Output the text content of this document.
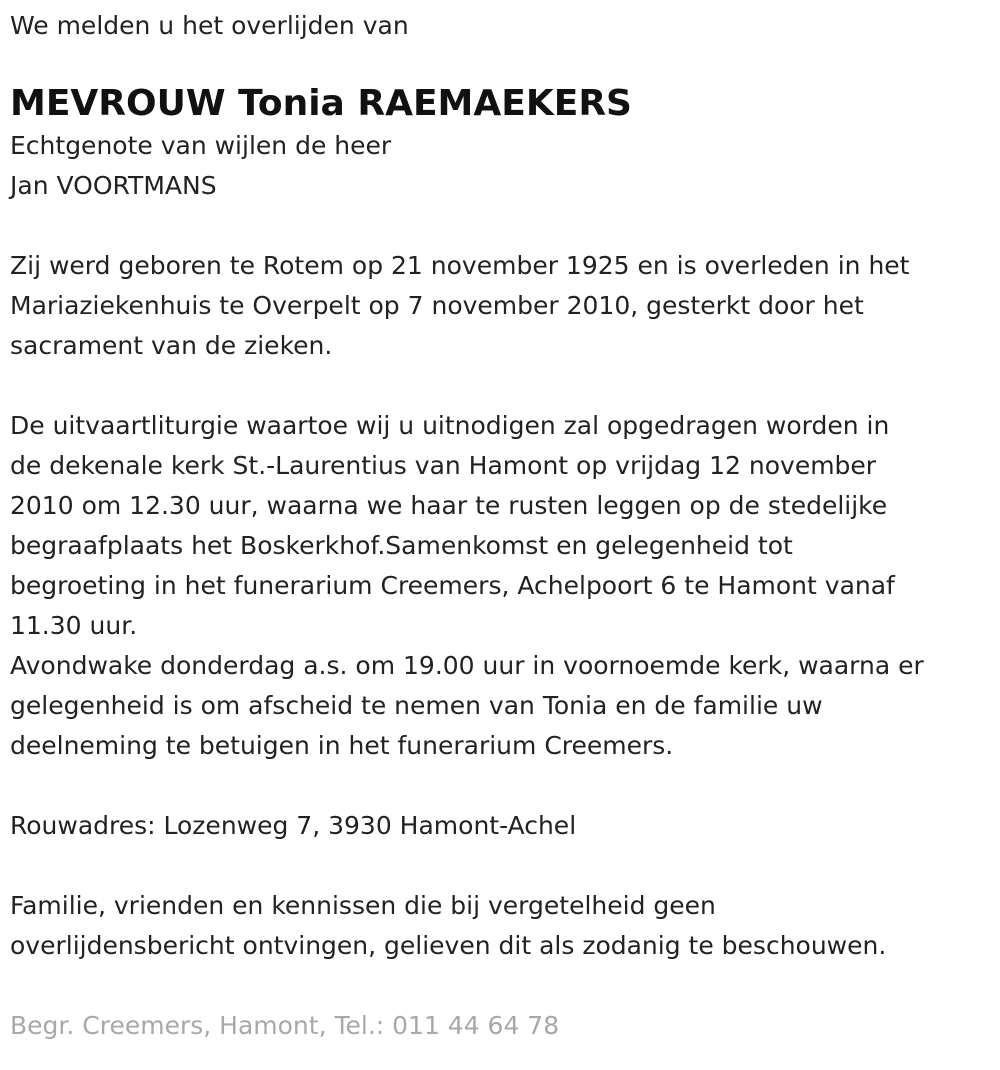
We melden u het overlijden van

MEVROUW Tonia RAEMAEKERS

Echtgenote van wijlen de heer

Jan VOORTMANS

Zij werd geboren te Rotem op 21 november 1925 en is overleden in het

Mariaziekenhuis te Overpelt op 7 november 2010, gesterkt door het

sacrament van de zieken.

De uitvaartliturgie waartoe wij u uitnodigen zal opgedragen worden in

de dekenale kerk St.-Laurentius van Hamont op vrijdag 12 november

2010 om 12.30 uur, waarna we haar te rusten leggen op de stedelijke

begraafplaats het Boskerkhof.Samenkomst en gelegenheid tot

begroeting in het funerarium Creemers, Achelpoort 6 te Hamont vanaf

11.30 uur.

Avondwake donderdag a.s. om 19.00 uur in voornoemde kerk, waarna er

gelegenheid is om afscheid te nemen van Tonia en de familie uw

deelneming te betuigen in het funerarium Creemers.

Rouwadres: Lozenweg 7, 3930 Hamont-Achel

Familie, vrienden en kennissen die bij vergetelheid geen

overlijdensbericht ontvingen, gelieven dit als zodanig te beschouwen.

Begr. Creemers, Hamont, Tel.: 011 44 64 78
